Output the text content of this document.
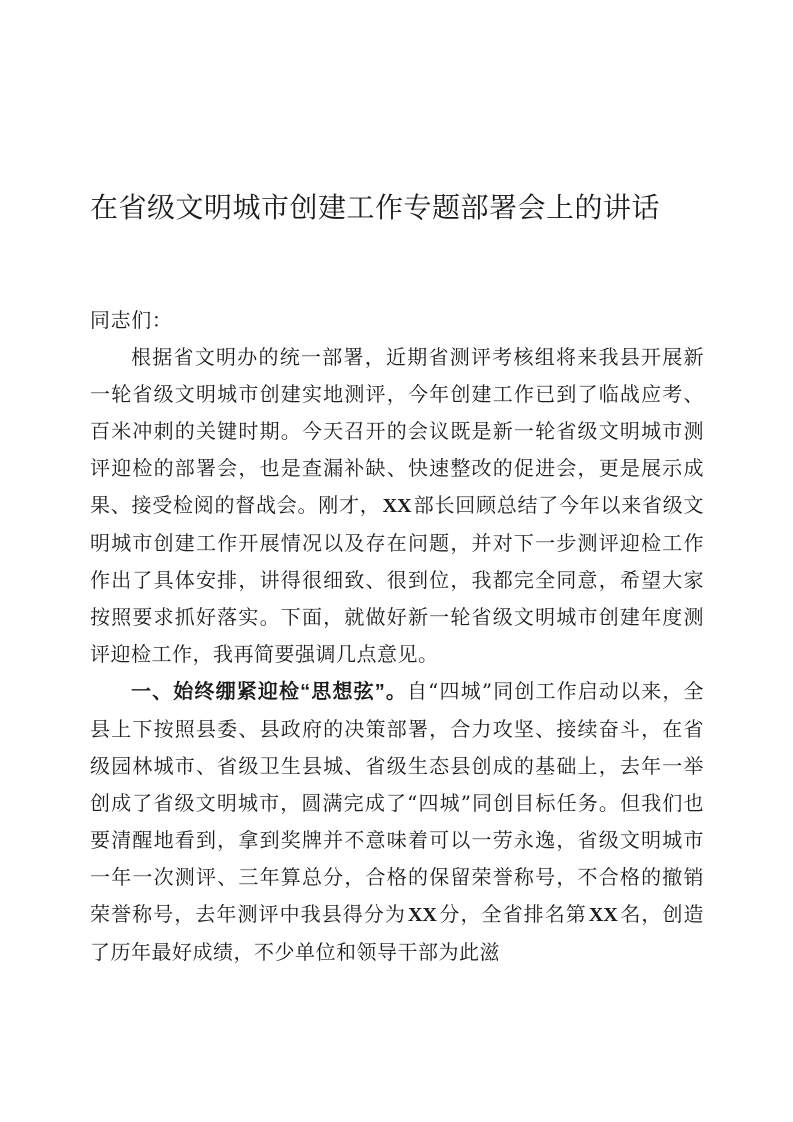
在省级文明城市创建工作专题部署会上的讲话

同志们：

根据省文明办的统一部署，近期省测评考核组将来我县开展新一轮省级文明城市创建实地测评，今年创建工作已到了临战应考、百米冲刺的关键时期。今天召开的会议既是新一轮省级文明城市测评迎检的部署会，也是查漏补缺、快速整改的促进会，更是展示成果、接受检阅的督战会。刚才， XX 部长回顾总结了今年以来省级文明城市创建工作开展情况以及存在问题，并对下一步测评迎检工作作出了具体安排，讲得很细致、很到位，我都完全同意，希望大家按照要求抓好落实。下面，就做好新一轮省级文明城市创建年度测评迎检工作，我再简要强调几点意见。

一、始终绷紧迎检“思想弦”。自“四城”同创工作启动以来，全县上下按照县委、县政府的决策部署，合力攻坚、接续奋斗，在省级园林城市、省级卫生县城、省级生态县创成的基础上，去年一举创成了省级文明城市，圆满完成了“四城”同创目标任务。但我们也要清醒地看到，拿到奖牌并不意味着可以一劳永逸，省级文明城市一年一次测评、三年算总分，合格的保留荣誉称号，不合格的撤销荣誉称号，去年测评中我县得分为 XX 分，全省排名第 XX 名，创造了历年最好成绩，不少单位和领导干部为此滋
